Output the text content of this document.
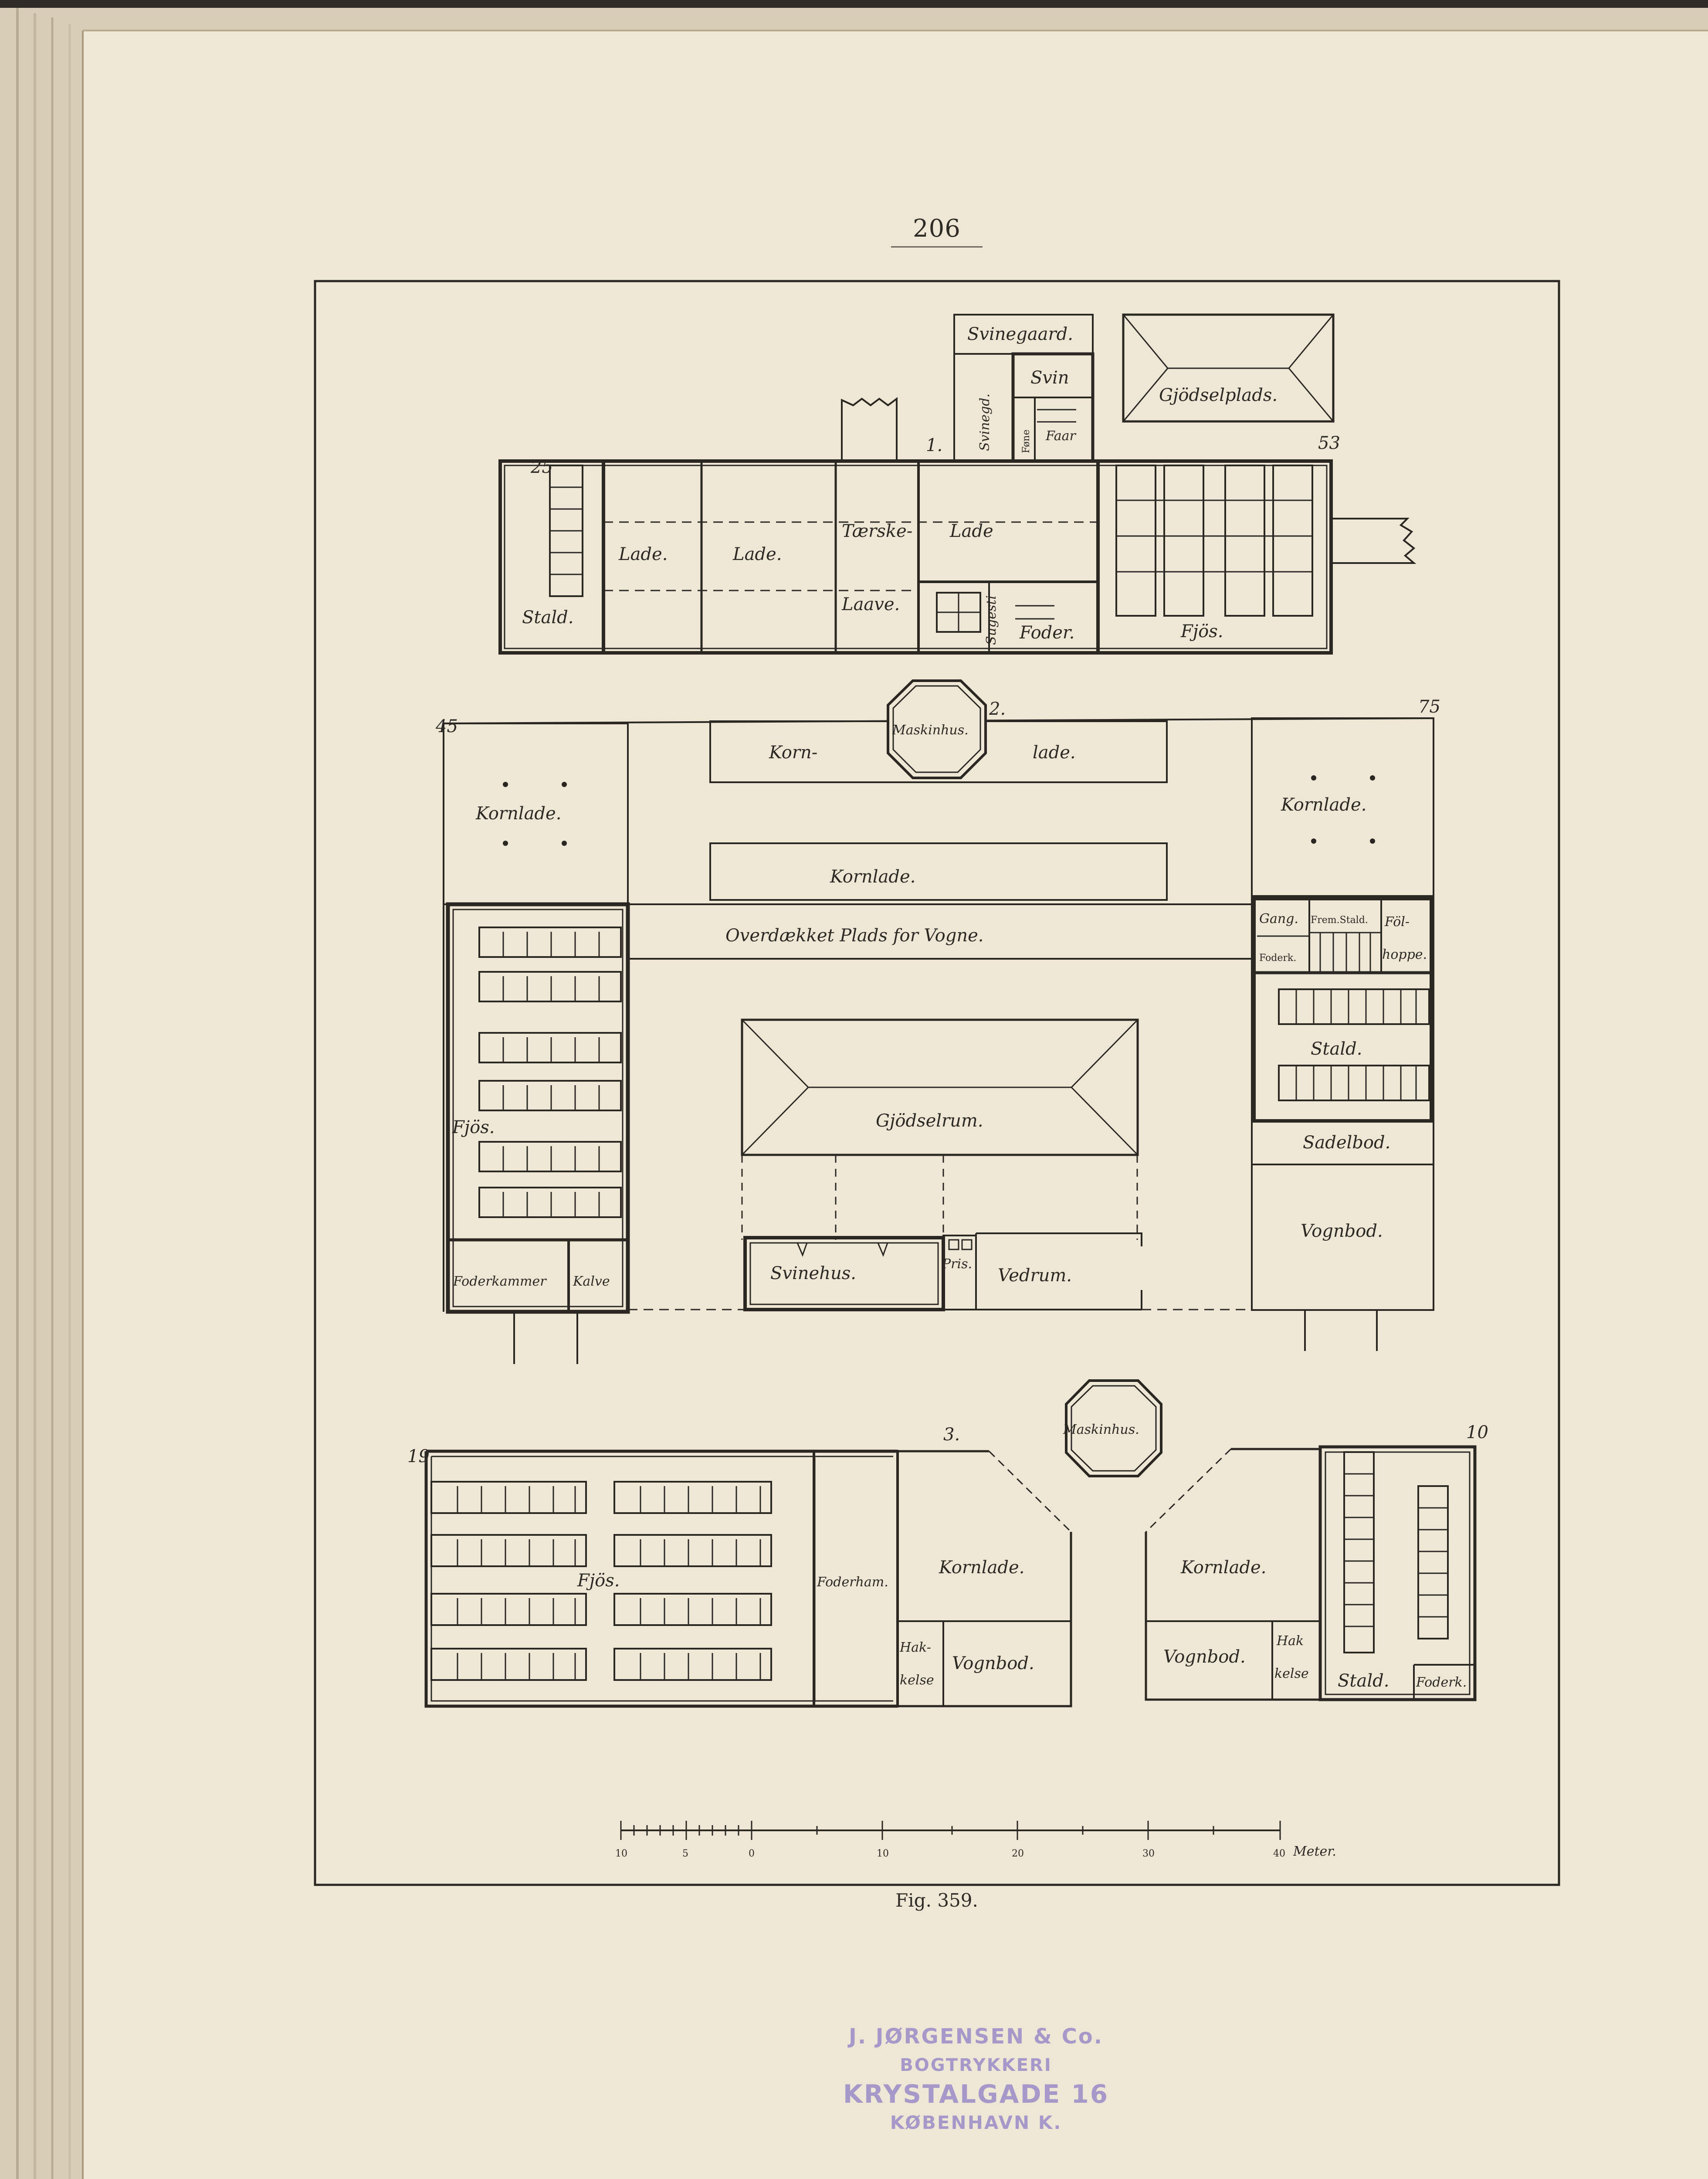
206
25
53
1.
Svinegaard.
Svinegd.
Svin
Føne Faar
Gjödselplads.
Stald.
Lade.	Lade.
Tærske-
Laave.
Lade
Sugesti Foder.	Fjös.
2.
45
75
Maskinhus.
Korn-	lade.
Kornlade.	Kornlade.
Kornlade.
Overdækket Plads for Vogne.
Fjös.
Foderkammer Kalve
Gjödselrum.
Svinehus.	Pris.
Vedrum.
Gang.
Foderk.
Frem.Stald. Föl-
hoppe.
Stald.
Sadelbod.
Vognbod.
3.
19
10
Maskinhus.
Fjös.	Foderham.
Kornlade.	Kornlade.
Hak-
kelse
Vognbod.	Vognbod.
Hak
kelse Stald. Foderk.
10	5	0	10	20	30	40 Meter.
Fig. 359.
J. JØRGENSEN & Co.
BOGTRYKKERI
KRYSTALGADE 16
KØBENHAVN K.
